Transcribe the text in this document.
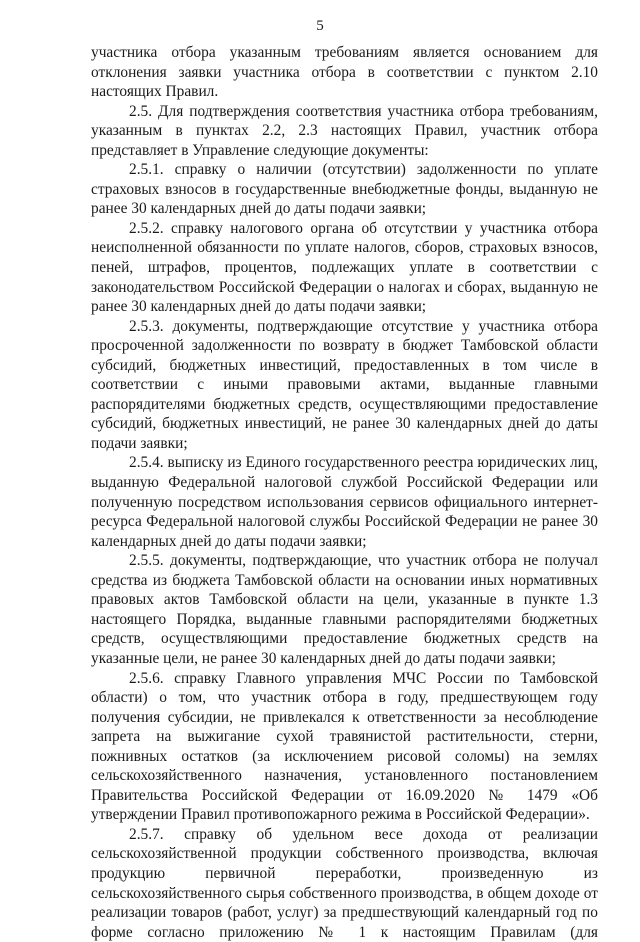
5

участника отбора указанным требованиям является основанием для отклонения заявки участника отбора в соответствии с пунктом 2.10 настоящих Правил.

2.5. Для подтверждения соответствия участника отбора требованиям, указанным в пунктах 2.2, 2.3 настоящих Правил, участник отбора представляет в Управление следующие документы:

2.5.1. справку о наличии (отсутствии) задолженности по уплате страховых взносов в государственные внебюджетные фонды, выданную не ранее 30 календарных дней до даты подачи заявки;

2.5.2. справку налогового органа об отсутствии у участника отбора неисполненной обязанности по уплате налогов, сборов, страховых взносов, пеней, штрафов, процентов, подлежащих уплате в соответствии с законодательством Российской Федерации о налогах и сборах, выданную не ранее 30 календарных дней до даты подачи заявки;

2.5.3. документы, подтверждающие отсутствие у участника отбора просроченной задолженности по возврату в бюджет Тамбовской области субсидий, бюджетных инвестиций, предоставленных в том числе в соответствии с иными правовыми актами, выданные главными распорядителями бюджетных средств, осуществляющими предоставление субсидий, бюджетных инвестиций, не ранее 30 календарных дней до даты подачи заявки;

2.5.4. выписку из Единого государственного реестра юридических лиц, выданную Федеральной налоговой службой Российской Федерации или полученную посредством использования сервисов официального интернет-ресурса Федеральной налоговой службы Российской Федерации не ранее 30 календарных дней до даты подачи заявки;

2.5.5. документы, подтверждающие, что участник отбора не получал средства из бюджета Тамбовской области на основании иных нормативных правовых актов Тамбовской области на цели, указанные в пункте 1.3 настоящего Порядка, выданные главными распорядителями бюджетных средств, осуществляющими предоставление бюджетных средств на указанные цели, не ранее 30 календарных дней до даты подачи заявки;

2.5.6. справку Главного управления МЧС России по Тамбовской области) о том, что участник отбора в году, предшествующем году получения субсидии, не привлекался к ответственности за несоблюдение запрета на выжигание сухой травянистой растительности, стерни, пожнивных остатков (за исключением рисовой соломы) на землях сельскохозяйственного назначения, установленного постановлением Правительства Российской Федерации от 16.09.2020 № 1479 «Об утверждении Правил противопожарного режима в Российской Федерации».

2.5.7. справку об удельном весе дохода от реализации сельскохозяйственной продукции собственного производства, включая продукцию первичной переработки, произведенную из сельскохозяйственного сырья собственного производства, в общем доходе от реализации товаров (работ, услуг) за предшествующий календарный год по форме согласно приложению № 1 к настоящим Правилам (для
